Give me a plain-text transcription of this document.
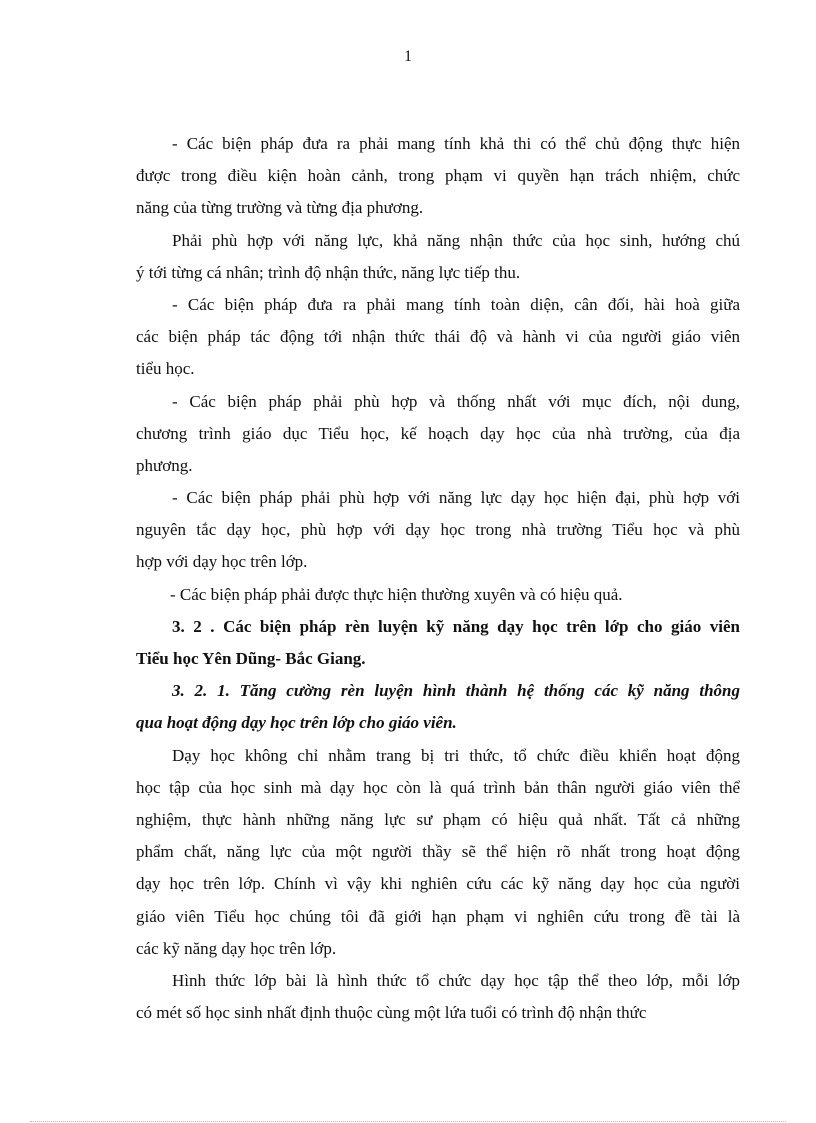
1
- Các biện pháp đưa ra phải mang tính khả thi có thể chủ động thực hiện
được trong điều kiện hoàn cảnh, trong phạm vi quyền hạn trách nhiệm, chức
năng của từng trường và từng địa phương.
Phải phù hợp với năng lực, khả năng nhận thức của học sinh, hướng chú
ý tới từng cá nhân; trình độ nhận thức, năng lực tiếp thu.
- Các biện pháp đưa ra phải mang tính toàn diện, cân đối, hài hoà giữa
các biện pháp tác động tới nhận thức thái độ và hành vi của người giáo viên
tiểu học.
- Các biện pháp phải phù hợp và thống nhất với mục đích, nội dung,
chương trình giáo dục Tiểu học, kế hoạch dạy học của nhà trường, của địa
phương.
- Các biện pháp phải phù hợp với năng lực dạy học hiện đại, phù hợp với
nguyên tắc dạy học, phù hợp với dạy học trong nhà trường Tiểu học và phù
hợp với dạy học trên lớp.
- Các biện pháp phải được thực hiện thường xuyên và có hiệu quả.
3. 2 . Các biện pháp rèn luyện kỹ năng dạy học trên lớp cho giáo viên
Tiểu học Yên Dũng- Bắc Giang.
3. 2. 1. Tăng cường rèn luyện hình thành hệ thống các kỹ năng thông
qua hoạt động dạy học trên lớp cho giáo viên.
Dạy học không chỉ nhằm trang bị tri thức, tổ chức điều khiển hoạt động
học tập của học sinh mà dạy học còn là quá trình bản thân người giáo viên thể
nghiệm, thực hành những năng lực sư phạm có hiệu quả nhất. Tất cả những
phẩm chất, năng lực của một người thầy sẽ thể hiện rõ nhất trong hoạt động
dạy học trên lớp. Chính vì vậy khi nghiên cứu các kỹ năng dạy học của người
giáo viên Tiểu học chúng tôi đã giới hạn phạm vi nghiên cứu trong đề tài là
các kỹ năng dạy học trên lớp.
Hình thức lớp bài là hình thức tổ chức dạy học tập thể theo lớp, mỗi lớp
có mét số học sinh nhất định thuộc cùng một lứa tuổi có trình độ nhận thức
